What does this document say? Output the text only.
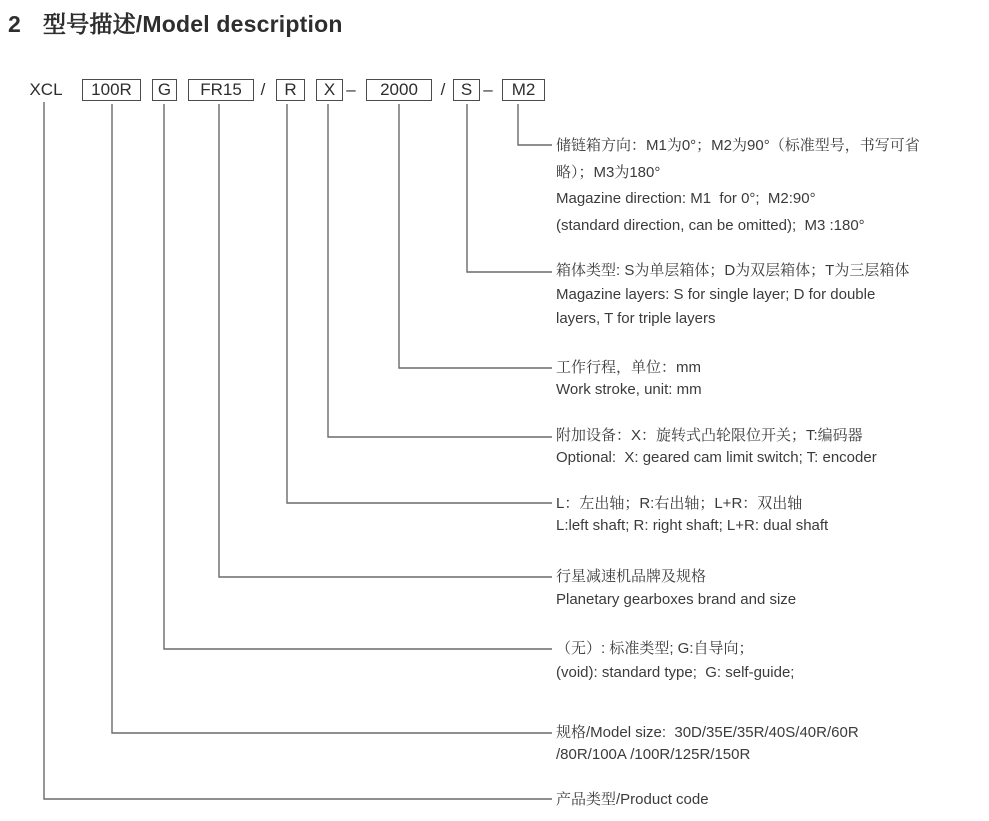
2 型号描述/Model description
XCL	100R	G	FR15	/	R	X –	2000	/ S –	M2
储链箱方向：M1为0°；M2为90°（标准型号，书写可省
略）；M3为180°
Magazine direction: M1  for 0°;  M2:90°
(standard direction, can be omitted);  M3 :180°
箱体类型: S为单层箱体；D为双层箱体；T为三层箱体
Magazine layers: S for single layer; D for double
layers, T for triple layers
工作行程，单位：mm
Work stroke, unit: mm
附加设备：X：旋转式凸轮限位开关；T:编码器
Optional:  X: geared cam limit switch; T: encoder
L：左出轴；R:右出轴；L+R：双出轴
L:left shaft; R: right shaft; L+R: dual shaft
行星减速机品牌及规格
Planetary gearboxes brand and size
（无）: 标准类型; G:自导向；
(void): standard type;  G: self-guide;
规格/Model size:  30D/35E/35R/40S/40R/60R
/80R/100A /100R/125R/150R
产品类型/Product code
